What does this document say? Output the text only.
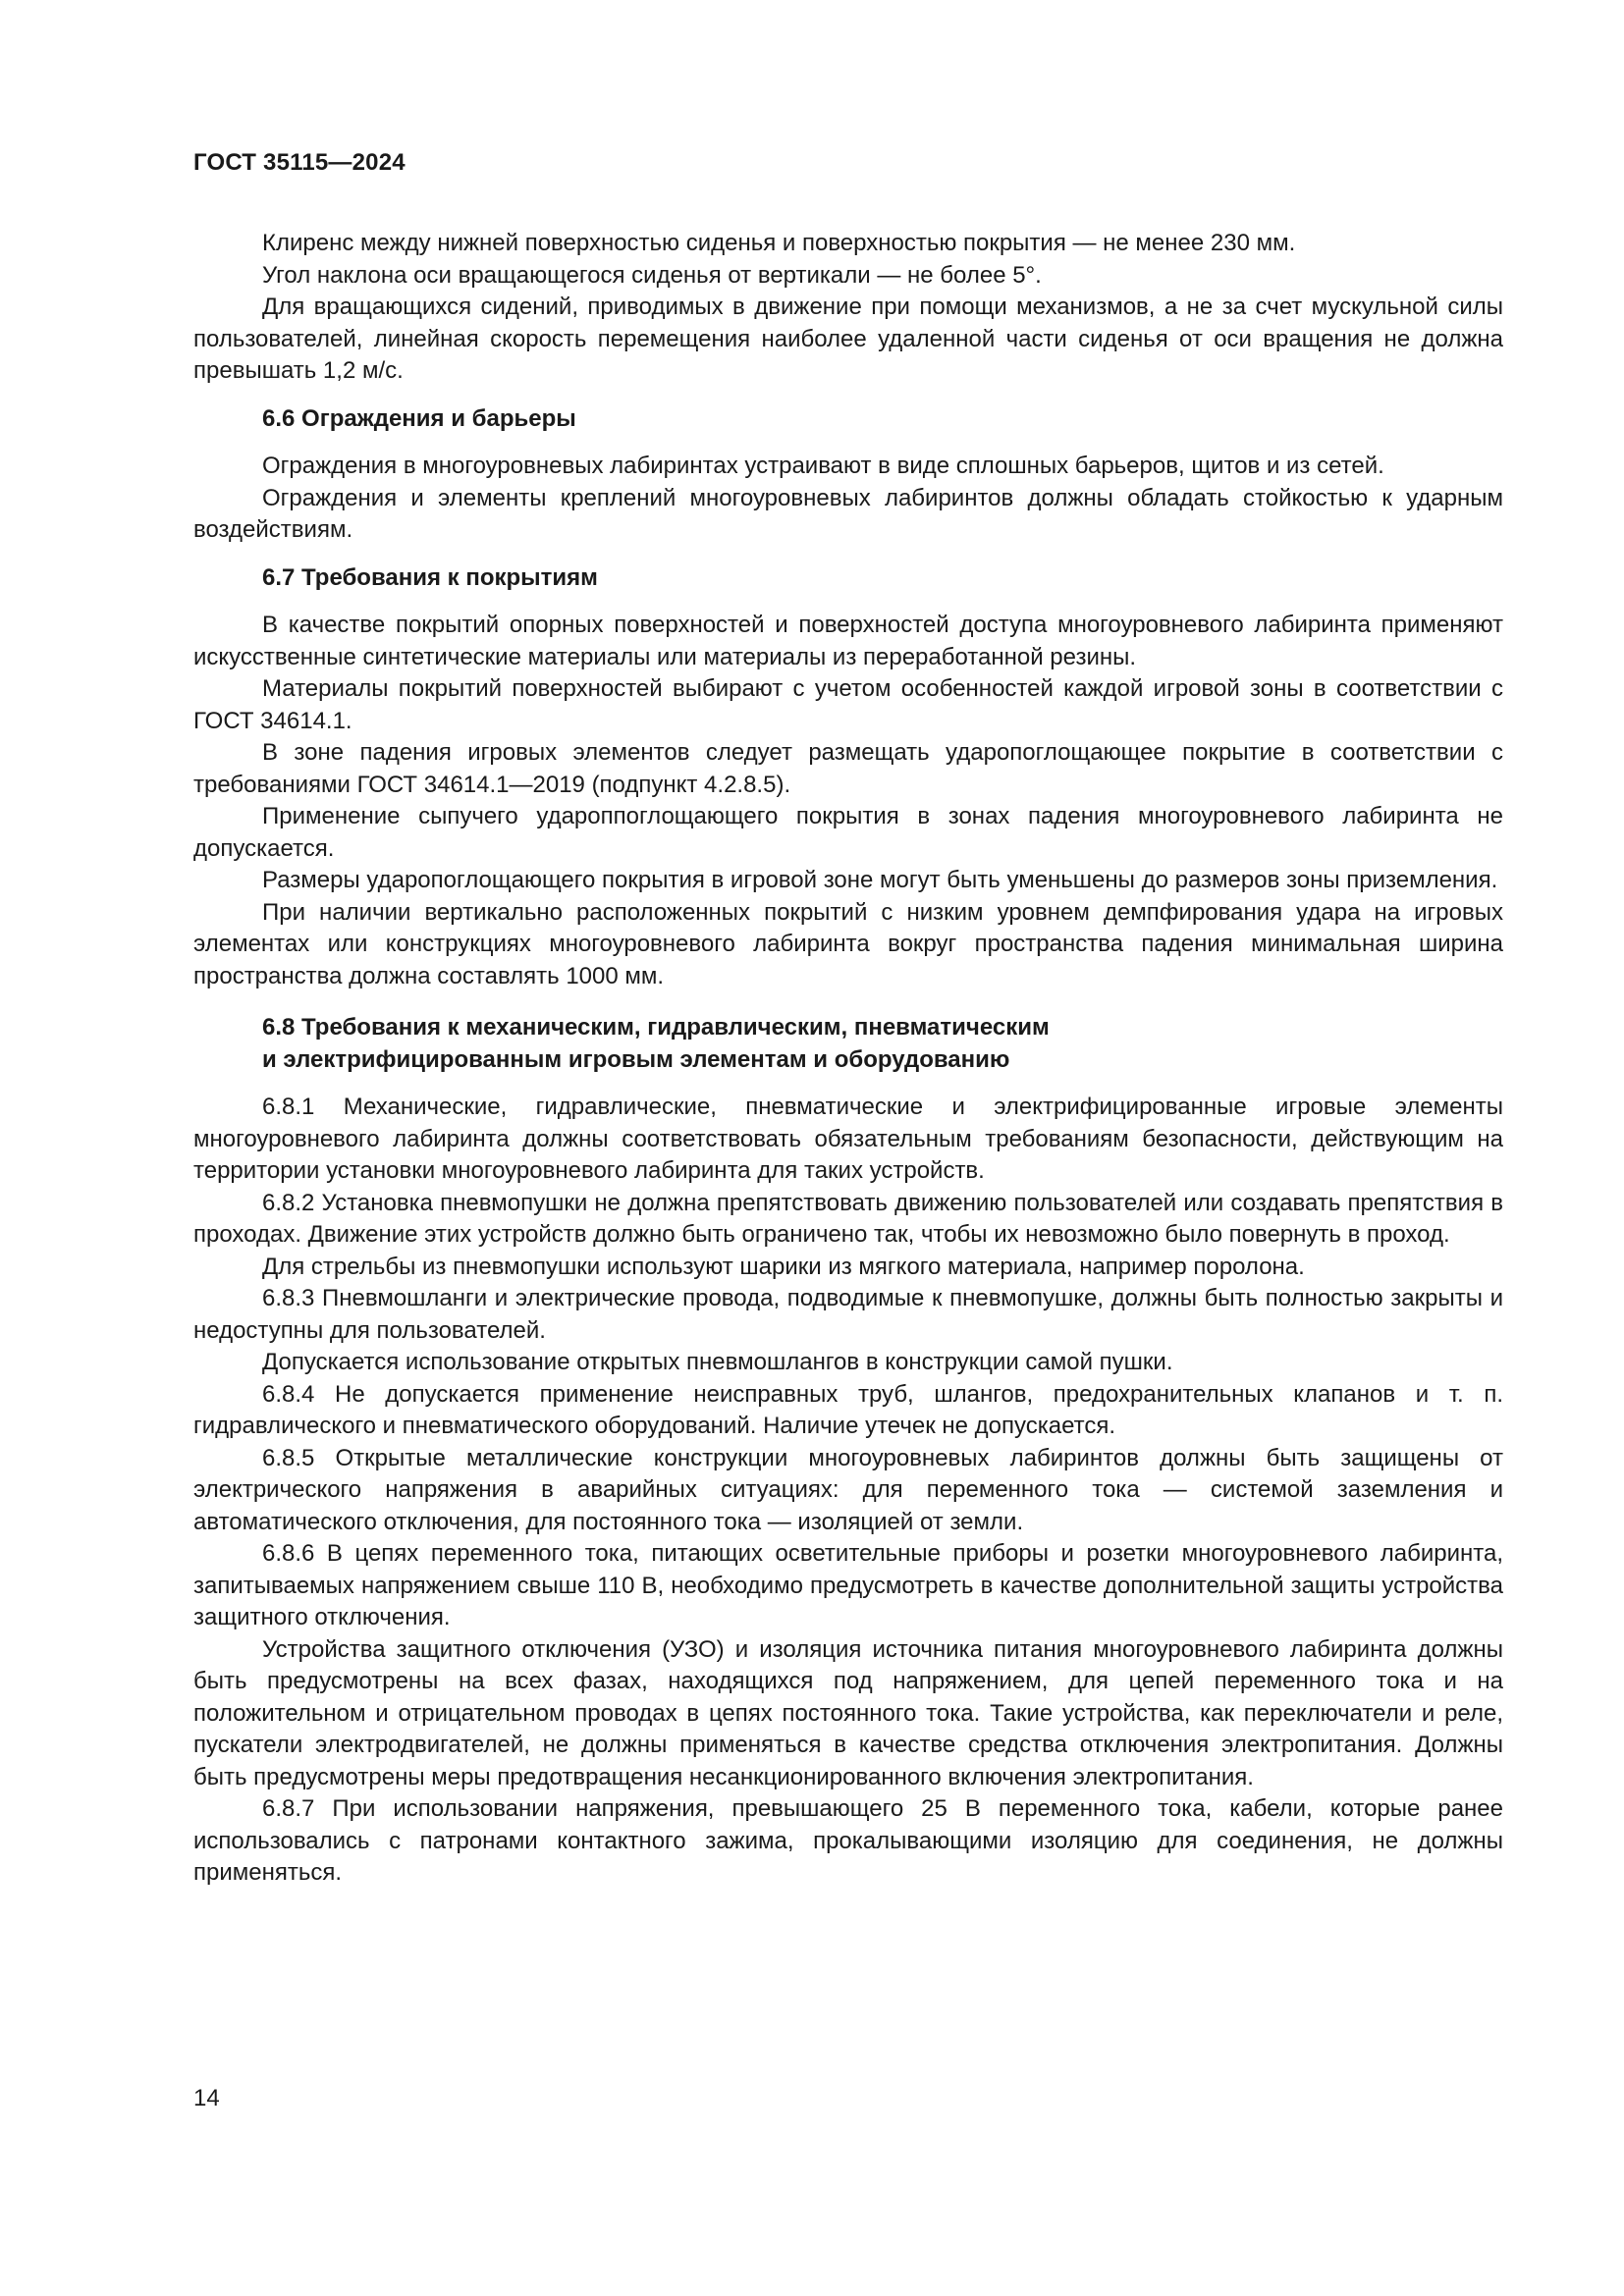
ГОСТ 35115—2024

Клиренс между нижней поверхностью сиденья и поверхностью покрытия — не менее 230 мм.

Угол наклона оси вращающегося сиденья от вертикали — не более 5°.

Для вращающихся сидений, приводимых в движение при помощи механизмов, а не за счет мускульной силы пользователей, линейная скорость перемещения наиболее удаленной части сиденья от оси вращения не должна превышать 1,2 м/с.

6.6 Ограждения и барьеры

Ограждения в многоуровневых лабиринтах устраивают в виде сплошных барьеров, щитов и из сетей.

Ограждения и элементы креплений многоуровневых лабиринтов должны обладать стойкостью к ударным воздействиям.

6.7 Требования к покрытиям

В качестве покрытий опорных поверхностей и поверхностей доступа многоуровневого лабиринта применяют искусственные синтетические материалы или материалы из переработанной резины.

Материалы покрытий поверхностей выбирают с учетом особенностей каждой игровой зоны в соответствии с ГОСТ 34614.1.

В зоне падения игровых элементов следует размещать ударопоглощающее покрытие в соответствии с требованиями ГОСТ 34614.1—2019 (подпункт 4.2.8.5).

Применение сыпучего удароппоглощающего покрытия в зонах падения многоуровневого лабиринта не допускается.

Размеры ударопоглощающего покрытия в игровой зоне могут быть уменьшены до размеров зоны приземления.

При наличии вертикально расположенных покрытий с низким уровнем демпфирования удара на игровых элементах или конструкциях многоуровневого лабиринта вокруг пространства падения минимальная ширина пространства должна составлять 1000 мм.

6.8 Требования к механическим, гидравлическим, пневматическим
и электрифицированным игровым элементам и оборудованию

6.8.1 Механические, гидравлические, пневматические и электрифицированные игровые элементы многоуровневого лабиринта должны соответствовать обязательным требованиям безопасности, действующим на территории установки многоуровневого лабиринта для таких устройств.

6.8.2 Установка пневмопушки не должна препятствовать движению пользователей или создавать препятствия в проходах. Движение этих устройств должно быть ограничено так, чтобы их невозможно было повернуть в проход.

Для стрельбы из пневмопушки используют шарики из мягкого материала, например поролона.

6.8.3 Пневмошланги и электрические провода, подводимые к пневмопушке, должны быть полностью закрыты и недоступны для пользователей.

Допускается использование открытых пневмошлангов в конструкции самой пушки.

6.8.4 Не допускается применение неисправных труб, шлангов, предохранительных клапанов и т. п. гидравлического и пневматического оборудований. Наличие утечек не допускается.

6.8.5 Открытые металлические конструкции многоуровневых лабиринтов должны быть защищены от электрического напряжения в аварийных ситуациях: для переменного тока — системой заземления и автоматического отключения, для постоянного тока — изоляцией от земли.

6.8.6 В цепях переменного тока, питающих осветительные приборы и розетки многоуровневого лабиринта, запитываемых напряжением свыше 110 В, необходимо предусмотреть в качестве дополнительной защиты устройства защитного отключения.

Устройства защитного отключения (УЗО) и изоляция источника питания многоуровневого лабиринта должны быть предусмотрены на всех фазах, находящихся под напряжением, для цепей переменного тока и на положительном и отрицательном проводах в цепях постоянного тока. Такие устройства, как переключатели и реле, пускатели электродвигателей, не должны применяться в качестве средства отключения электропитания. Должны быть предусмотрены меры предотвращения несанкционированного включения электропитания.

6.8.7 При использовании напряжения, превышающего 25 В переменного тока, кабели, которые ранее использовались с патронами контактного зажима, прокалывающими изоляцию для соединения, не должны применяться.

14
